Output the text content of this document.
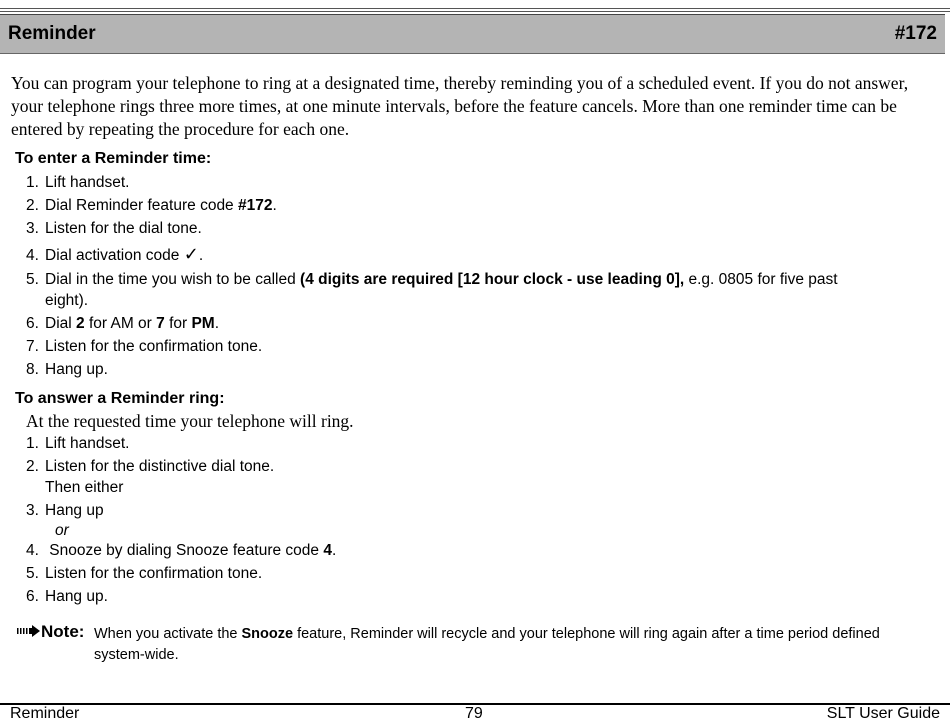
Reminder	#172
You can program your telephone to ring at a designated time, thereby reminding you of a scheduled event. If you do not answer, your telephone rings three more times, at one minute intervals, before the feature cancels. More than one reminder time can be entered by repeating the procedure for each one.
To enter a Reminder time:
1. Lift handset.
2. Dial Reminder feature code #172.
3. Listen for the dial tone.
4. Dial activation code ✓.
5. Dial in the time you wish to be called (4 digits are required [12 hour clock - use leading 0], e.g. 0805 for five past
eight).
6. Dial 2 for AM or 7 for PM.
7. Listen for the confirmation tone.
8. Hang up.
To answer a Reminder ring:
At the requested time your telephone will ring.
1. Lift handset.
2. Listen for the distinctive dial tone.
Then either
3. Hang up
or
4. Snooze by dialing Snooze feature code 4.
5. Listen for the confirmation tone.
6. Hang up.
Note: When you activate the Snooze feature, Reminder will recycle and your telephone will ring again after a time period defined system-wide.
Reminder	79	SLT User Guide
